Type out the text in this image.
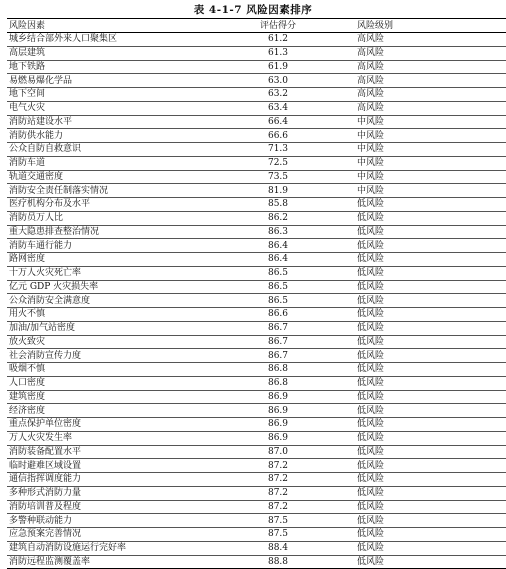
表 4-1-7 风险因素排序
风险因素	评估得分	风险级别
城乡结合部外来人口聚集区	61.2	高风险
高层建筑	61.3	高风险
地下铁路	61.9	高风险
易燃易爆化学品	63.0	高风险
地下空间	63.2	高风险
电气火灾	63.4	高风险
消防站建设水平	66.4	中风险
消防供水能力	66.6	中风险
公众自防自救意识	71.3	中风险
消防车道	72.5	中风险
轨道交通密度	73.5	中风险
消防安全责任制落实情况	81.9	中风险
医疗机构分布及水平	85.8	低风险
消防员万人比	86.2	低风险
重大隐患排查整治情况	86.3	低风险
消防车通行能力	86.4	低风险
路网密度	86.4	低风险
十万人火灾死亡率	86.5	低风险
亿元 GDP 火灾损失率	86.5	低风险
公众消防安全满意度	86.5	低风险
用火不慎	86.6	低风险
加油/加气站密度	86.7	低风险
放火致灾	86.7	低风险
社会消防宣传力度	86.7	低风险
吸烟不慎	86.8	低风险
人口密度	86.8	低风险
建筑密度	86.9	低风险
经济密度	86.9	低风险
重点保护单位密度	86.9	低风险
万人火灾发生率	86.9	低风险
消防装备配置水平	87.0	低风险
临时避难区域设置	87.2	低风险
通信指挥调度能力	87.2	低风险
多种形式消防力量	87.2	低风险
消防培训普及程度	87.2	低风险
多警种联动能力	87.5	低风险
应急预案完善情况	87.5	低风险
建筑自动消防设施运行完好率	88.4	低风险
消防远程监测覆盖率	88.8	低风险
